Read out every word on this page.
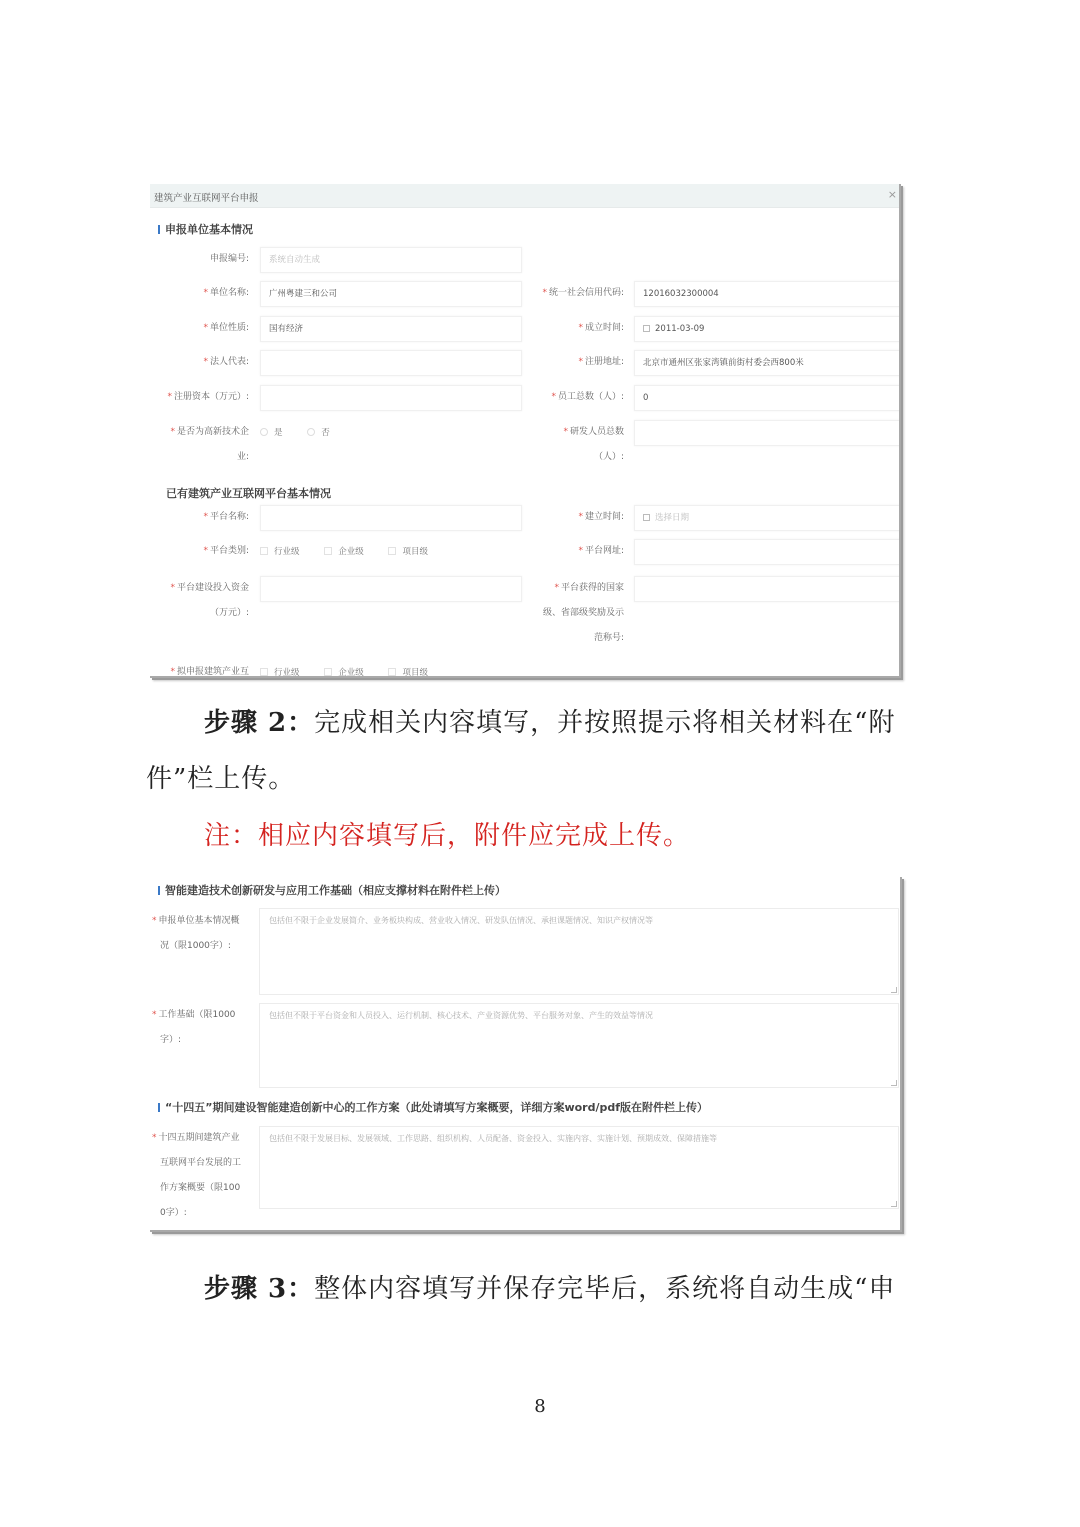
建筑产业互联网平台申报	×
申报单位基本情况
申报编号:	系统自动生成
* 单位名称:	广州粤建三和公司	* 统一社会信用代码:	12016032300004
* 单位性质:	国有经济	* 成立时间:	2011-03-09
* 法人代表:	* 注册地址:	北京市通州区张家湾镇前街村委会西800米
* 注册资本（万元）:	* 员工总数（人）:	0
* 是否为高新技术企
业:
是	否	* 研发人员总数
（人）:
已有建筑产业互联网平台基本情况
* 平台名称:	* 建立时间:	选择日期
* 平台类别:	行业级	企业级	项目级	* 平台网址:
* 平台建设投入资金
（万元）:
* 平台获得的国家
级、省部级奖励及示
范称号:
* 拟申报建筑产业互	行业级	企业级	项目级
步骤 2：完成相关内容填写，并按照提示将相关材料在“附
件”栏上传。
注：相应内容填写后，附件应完成上传。
智能建造技术创新研发与应用工作基础（相应支撑材料在附件栏上传）
* 申报单位基本情况概
况（限1000字）:
包括但不限于企业发展简介、业务板块构成、营业收入情况、研发队伍情况、承担课题情况、知识产权情况等
* 工作基础（限1000
字）:
包括但不限于平台资金和人员投入、运行机制、核心技术、产业资源优势、平台服务对象、产生的效益等情况
“十四五”期间建设智能建造创新中心的工作方案（此处请填写方案概要，详细方案word/pdf版在附件栏上传）
* 十四五期间建筑产业
互联网平台发展的工
作方案概要（限100
0字）:
包括但不限于发展目标、发展领域、工作思路、组织机构、人员配备、资金投入、实施内容、实施计划、预期成效、保障措施等
步骤 3：整体内容填写并保存完毕后，系统将自动生成“申
8
